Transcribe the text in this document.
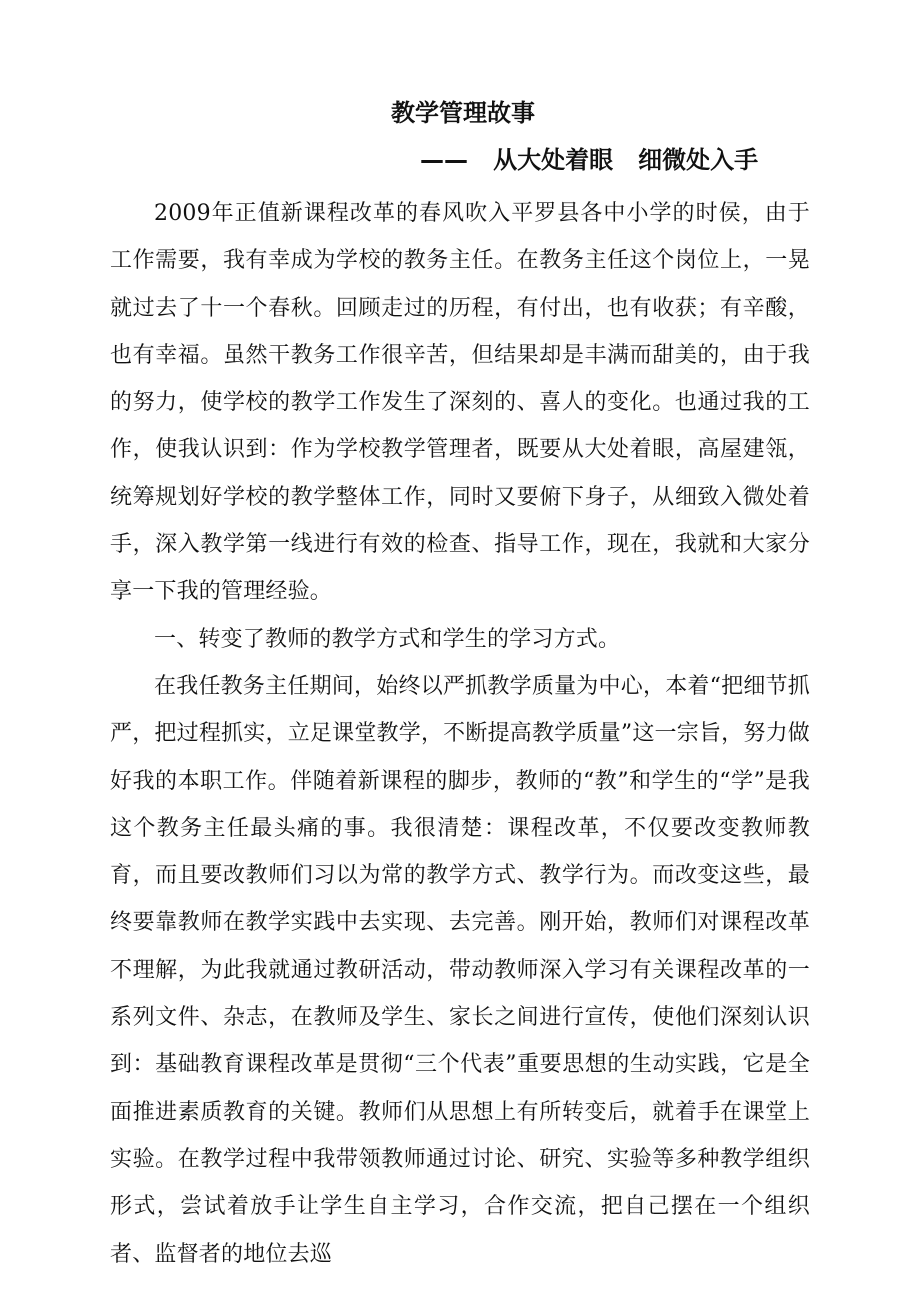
教学管理故事
——   从大处着眼   细微处入手

2009年正值新课程改革的春风吹入平罗县各中小学的时侯，由于工作需要，我有幸成为学校的教务主任。在教务主任这个岗位上，一晃就过去了十一个春秋。回顾走过的历程，有付出，也有收获；有辛酸，也有幸福。虽然干教务工作很辛苦，但结果却是丰满而甜美的，由于我的努力，使学校的教学工作发生了深刻的、喜人的变化。也通过我的工作，使我认识到：作为学校教学管理者，既要从大处着眼，高屋建瓴，统筹规划好学校的教学整体工作，同时又要俯下身子，从细致入微处着手，深入教学第一线进行有效的检查、指导工作，现在，我就和大家分享一下我的管理经验。

一、转变了教师的教学方式和学生的学习方式。

在我任教务主任期间，始终以严抓教学质量为中心，本着“把细节抓严，把过程抓实，立足课堂教学，不断提高教学质量”这一宗旨，努力做好我的本职工作。伴随着新课程的脚步，教师的“教”和学生的“学”是我这个教务主任最头痛的事。我很清楚：课程改革，不仅要改变教师教育，而且要改教师们习以为常的教学方式、教学行为。而改变这些，最终要靠教师在教学实践中去实现、去完善。刚开始，教师们对课程改革不理解，为此我就通过教研活动，带动教师深入学习有关课程改革的一系列文件、杂志，在教师及学生、家长之间进行宣传，使他们深刻认识到：基础教育课程改革是贯彻“三个代表”重要思想的生动实践，它是全面推进素质教育的关键。教师们从思想上有所转变后，就着手在课堂上实验。在教学过程中我带领教师通过讨论、研究、实验等多种教学组织形式，尝试着放手让学生自主学习，合作交流，把自己摆在一个组织者、监督者的地位去巡
